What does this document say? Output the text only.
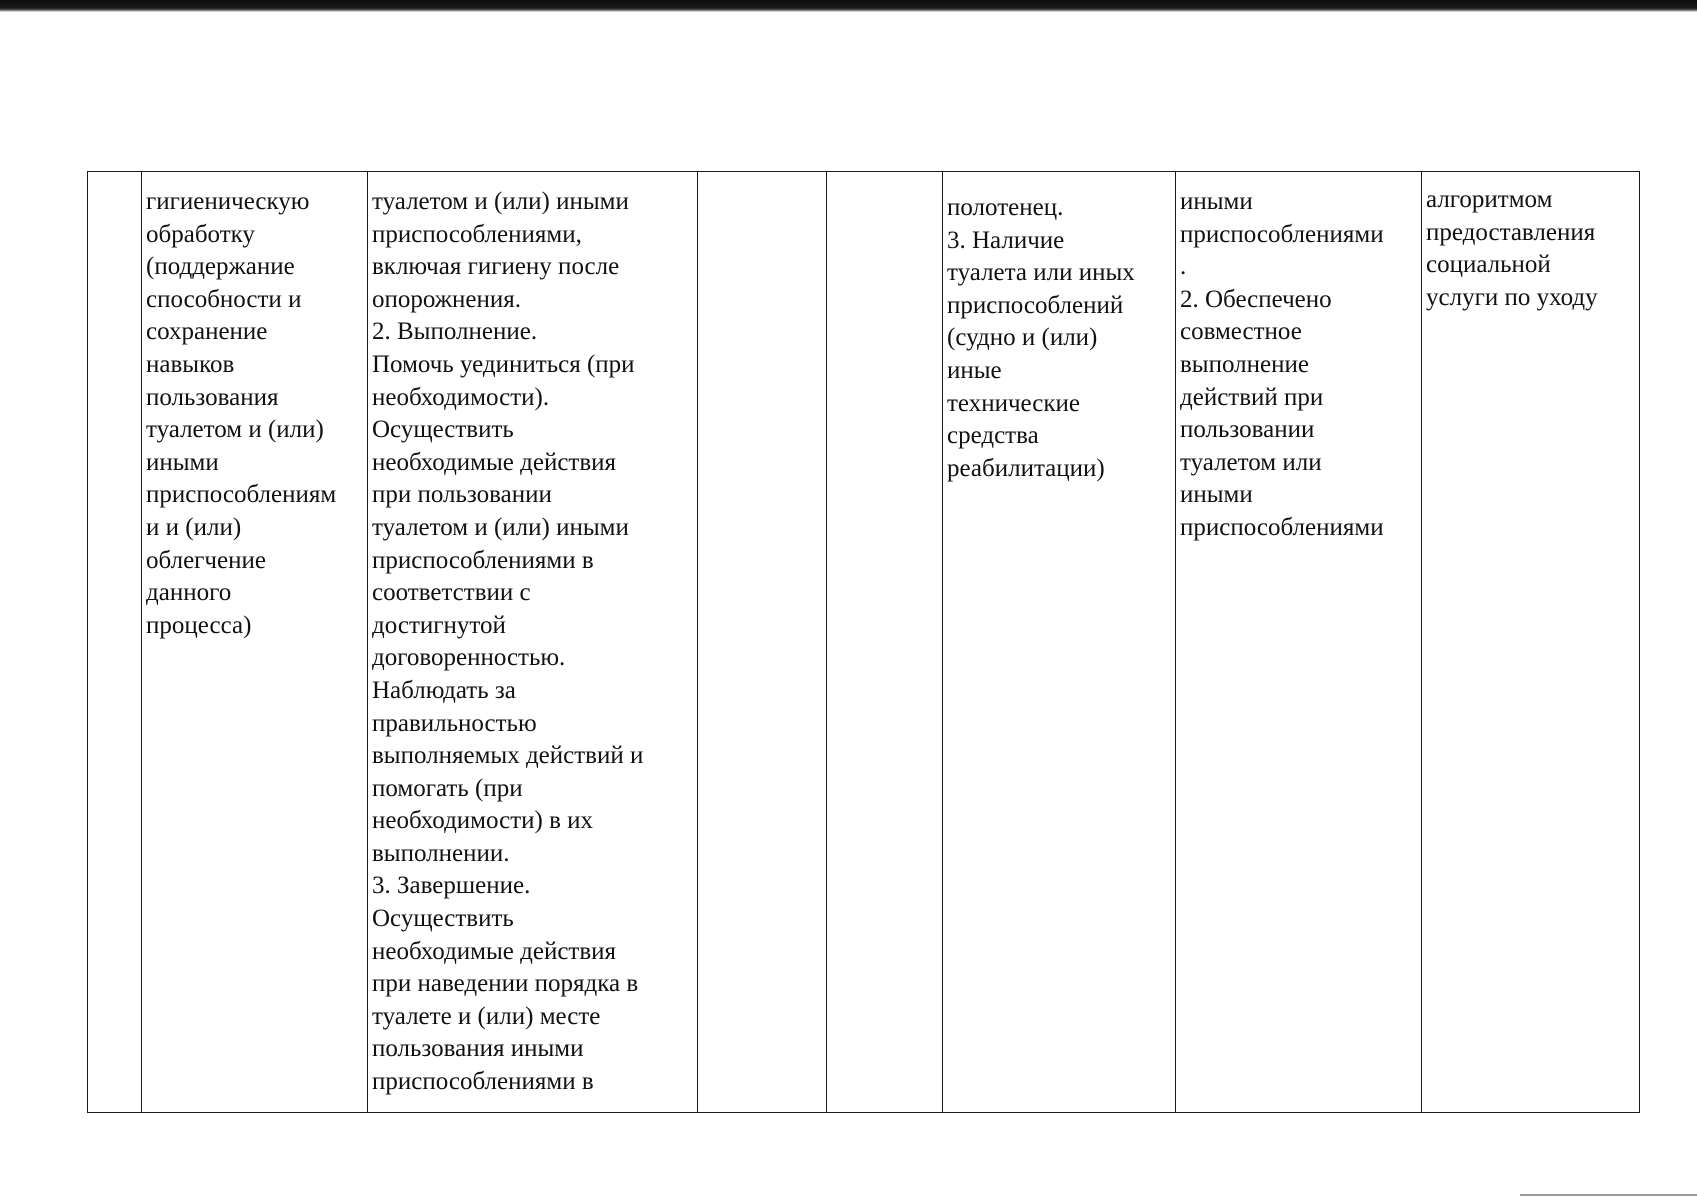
	гигиеническую
обработку
(поддержание
способности и
сохранение
навыков
пользования
туалетом и (или)
иными
приспособлениям
и и (или)
облегчение
данного
процесса)	туалетом и (или) иными
приспособлениями,
включая гигиену после
опорожнения.
2. Выполнение.
Помочь уединиться (при
необходимости).
Осуществить
необходимые действия
при пользовании
туалетом и (или) иными
приспособлениями в
соответствии с
достигнутой
договоренностью.
Наблюдать за
правильностью
выполняемых действий и
помогать (при
необходимости) в их
выполнении.
3. Завершение.
Осуществить
необходимые действия
при наведении порядка в
туалете и (или) месте
пользования иными
приспособлениями в			полотенец.
3. Наличие
туалета или иных
приспособлений
(судно и (или)
иные
технические
средства
реабилитации)	иными
приспособлениями
.
2. Обеспечено
совместное
выполнение
действий при
пользовании
туалетом или
иными
приспособлениями	алгоритмом
предоставления
социальной
услуги по уходу
